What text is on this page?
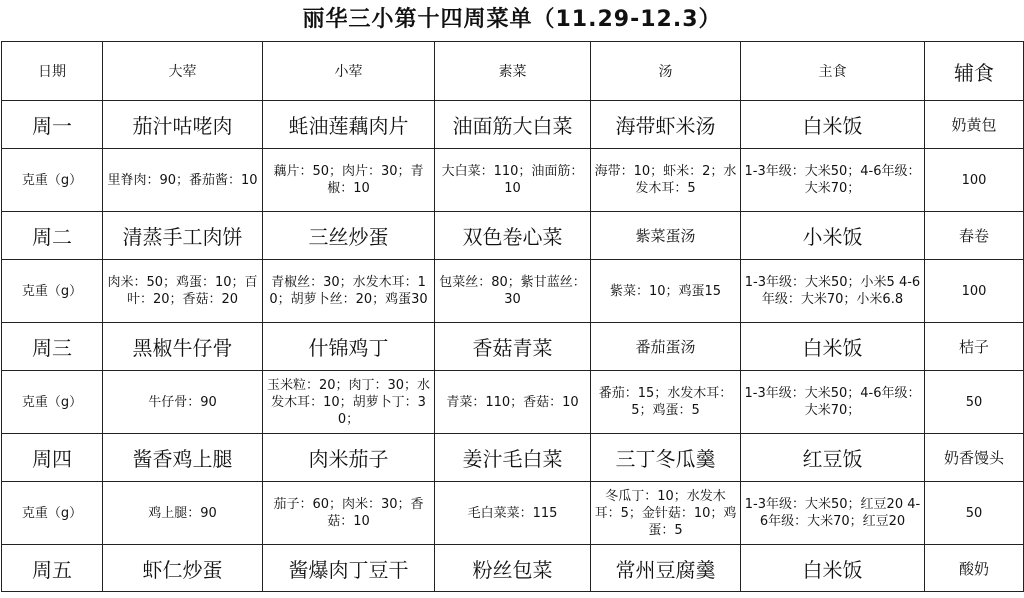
丽华三小第十四周菜单（11.29-12.3）
日期	大荤	小荤	素菜	汤	主食	辅食
周一	茄汁咕咾肉	蚝油莲藕肉片	油面筋大白菜	海带虾米汤	白米饭	奶黄包
克重（g）	里脊肉：90；番茄酱：10	藕片：50；肉片：30；青椒：10	大白菜：110；油面筋：10	海带：10；虾米：2；水发木耳：5	1-3年级：大米50；4-6年级：大米70；	100
周二	清蒸手工肉饼	三丝炒蛋	双色卷心菜	紫菜蛋汤	小米饭	春卷
克重（g）	肉米：50；鸡蛋：10；百叶：20；香菇：20	青椒丝：30；水发木耳：10；胡萝卜丝：20；鸡蛋30	包菜丝：80；紫甘蓝丝：30	紫菜：10；鸡蛋15	1-3年级：大米50；小米5 4-6年级：大米70；小米6.8	100
周三	黑椒牛仔骨	什锦鸡丁	香菇青菜	番茄蛋汤	白米饭	桔子
克重（g）	牛仔骨：90	玉米粒：20；肉丁：30；水发木耳：10；胡萝卜丁：30；	青菜：110；香菇：10	番茄：15；水发木耳：5；鸡蛋：5	1-3年级：大米50；4-6年级：大米70；	50
周四	酱香鸡上腿	肉米茄子	姜汁毛白菜	三丁冬瓜羹	红豆饭	奶香馒头
克重（g）	鸡上腿：90	茄子：60；肉米：30；香菇：10	毛白菜菜：115	冬瓜丁：10；水发木耳：5；金针菇：10；鸡蛋：5	1-3年级：大米50；红豆20 4-6年级：大米70；红豆20	50
周五	虾仁炒蛋	酱爆肉丁豆干	粉丝包菜	常州豆腐羹	白米饭	酸奶
